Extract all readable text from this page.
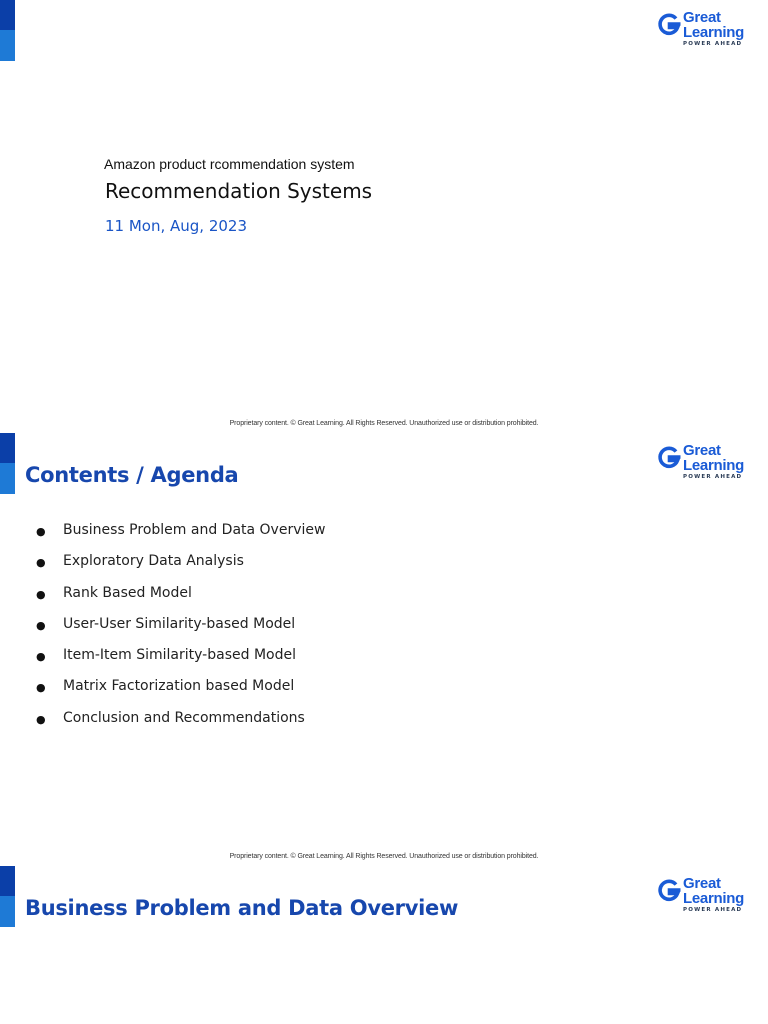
Great
Learning
POWER AHEAD
Amazon product rcommendation system
Recommendation Systems
11 Mon, Aug, 2023
Proprietary content. © Great Learning. All Rights Reserved. Unauthorized use or distribution prohibited.
Great
Learning
POWER AHEAD
Contents / Agenda
● Business Problem and Data Overview
● Exploratory Data Analysis
● Rank Based Model
● User-User Similarity-based Model
● Item-Item Similarity-based Model
● Matrix Factorization based Model
● Conclusion and Recommendations
Proprietary content. © Great Learning. All Rights Reserved. Unauthorized use or distribution prohibited.
Great
Learning
POWER AHEAD
Business Problem and Data Overview
